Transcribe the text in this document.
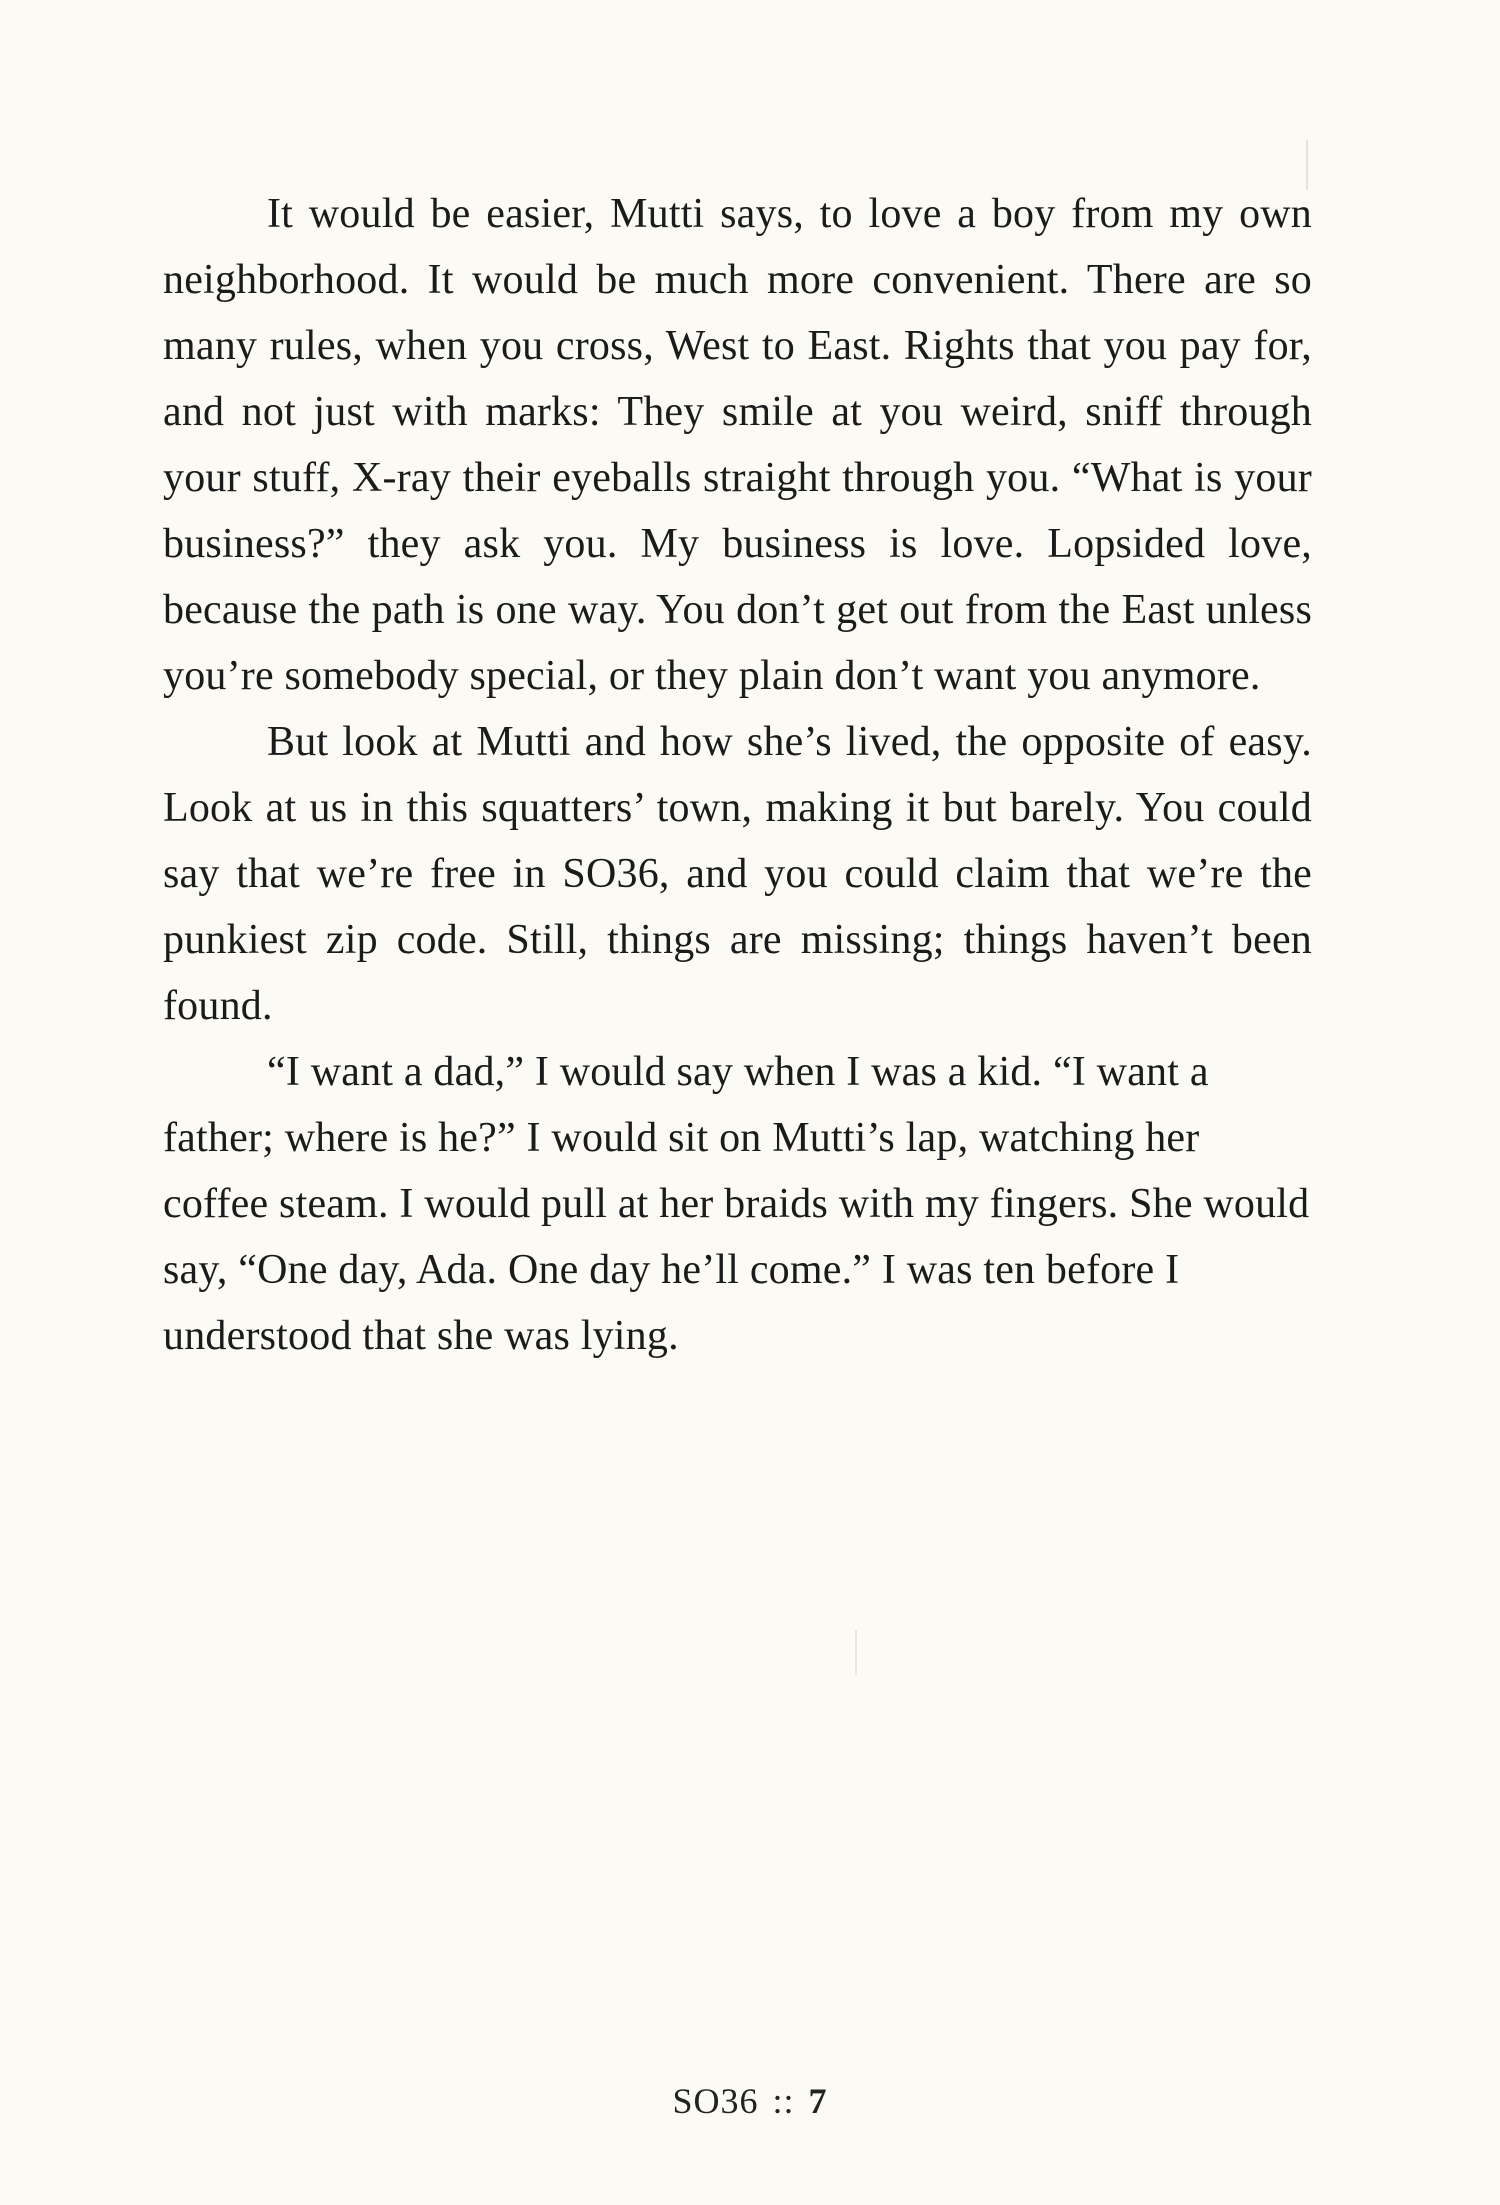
It would be easier, Mutti says, to love a boy from my own neighborhood. It would be much more convenient. There are so many rules, when you cross, West to East. Rights that you pay for, and not just with marks: They smile at you weird, sniff through your stuff, X-ray their eyeballs straight through you. “What is your business?” they ask you. My business is love. Lopsided love, because the path is one way. You don’t get out from the East unless you’re somebody special, or they plain don’t want you anymore.

But look at Mutti and how she’s lived, the opposite of easy. Look at us in this squatters’ town, making it but barely. You could say that we’re free in SO36, and you could claim that we’re the punkiest zip code. Still, things are missing; things haven’t been found.

“I want a dad,” I would say when I was a kid. “I want a father; where is he?” I would sit on Mutti’s lap, watching her coffee steam. I would pull at her braids with my fingers. She would say, “One day, Ada. One day he’ll come.” I was ten before I understood that she was lying.

SO36 :: 7
